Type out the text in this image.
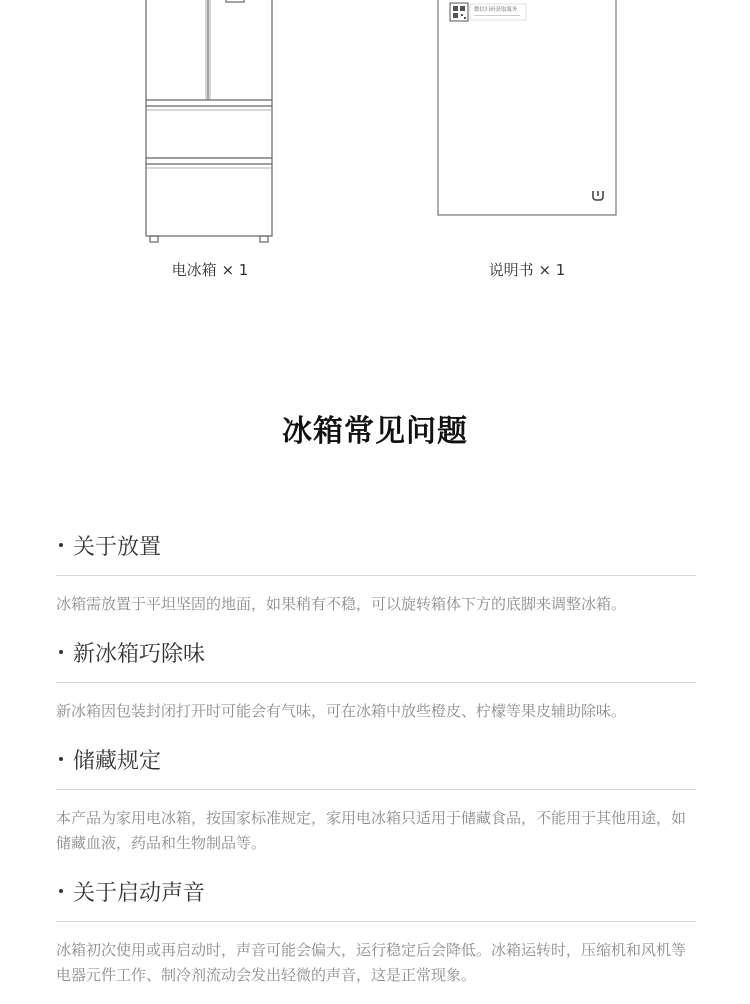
微信扫码获取服务
电冰箱 × 1	说明书 × 1
冰箱常见问题
关于放置
冰箱需放置于平坦坚固的地面，如果稍有不稳，可以旋转箱体下方的底脚来调整冰箱。
新冰箱巧除味
新冰箱因包装封闭打开时可能会有气味，可在冰箱中放些橙皮、柠檬等果皮辅助除味。
储藏规定
本产品为家用电冰箱，按国家标准规定，家用电冰箱只适用于储藏食品，不能用于其他用途，如储藏血液，药品和生物制品等。
关于启动声音
冰箱初次使用或再启动时，声音可能会偏大，运行稳定后会降低。冰箱运转时，压缩机和风机等电器元件工作、制冷剂流动会发出轻微的声音，这是正常现象。
